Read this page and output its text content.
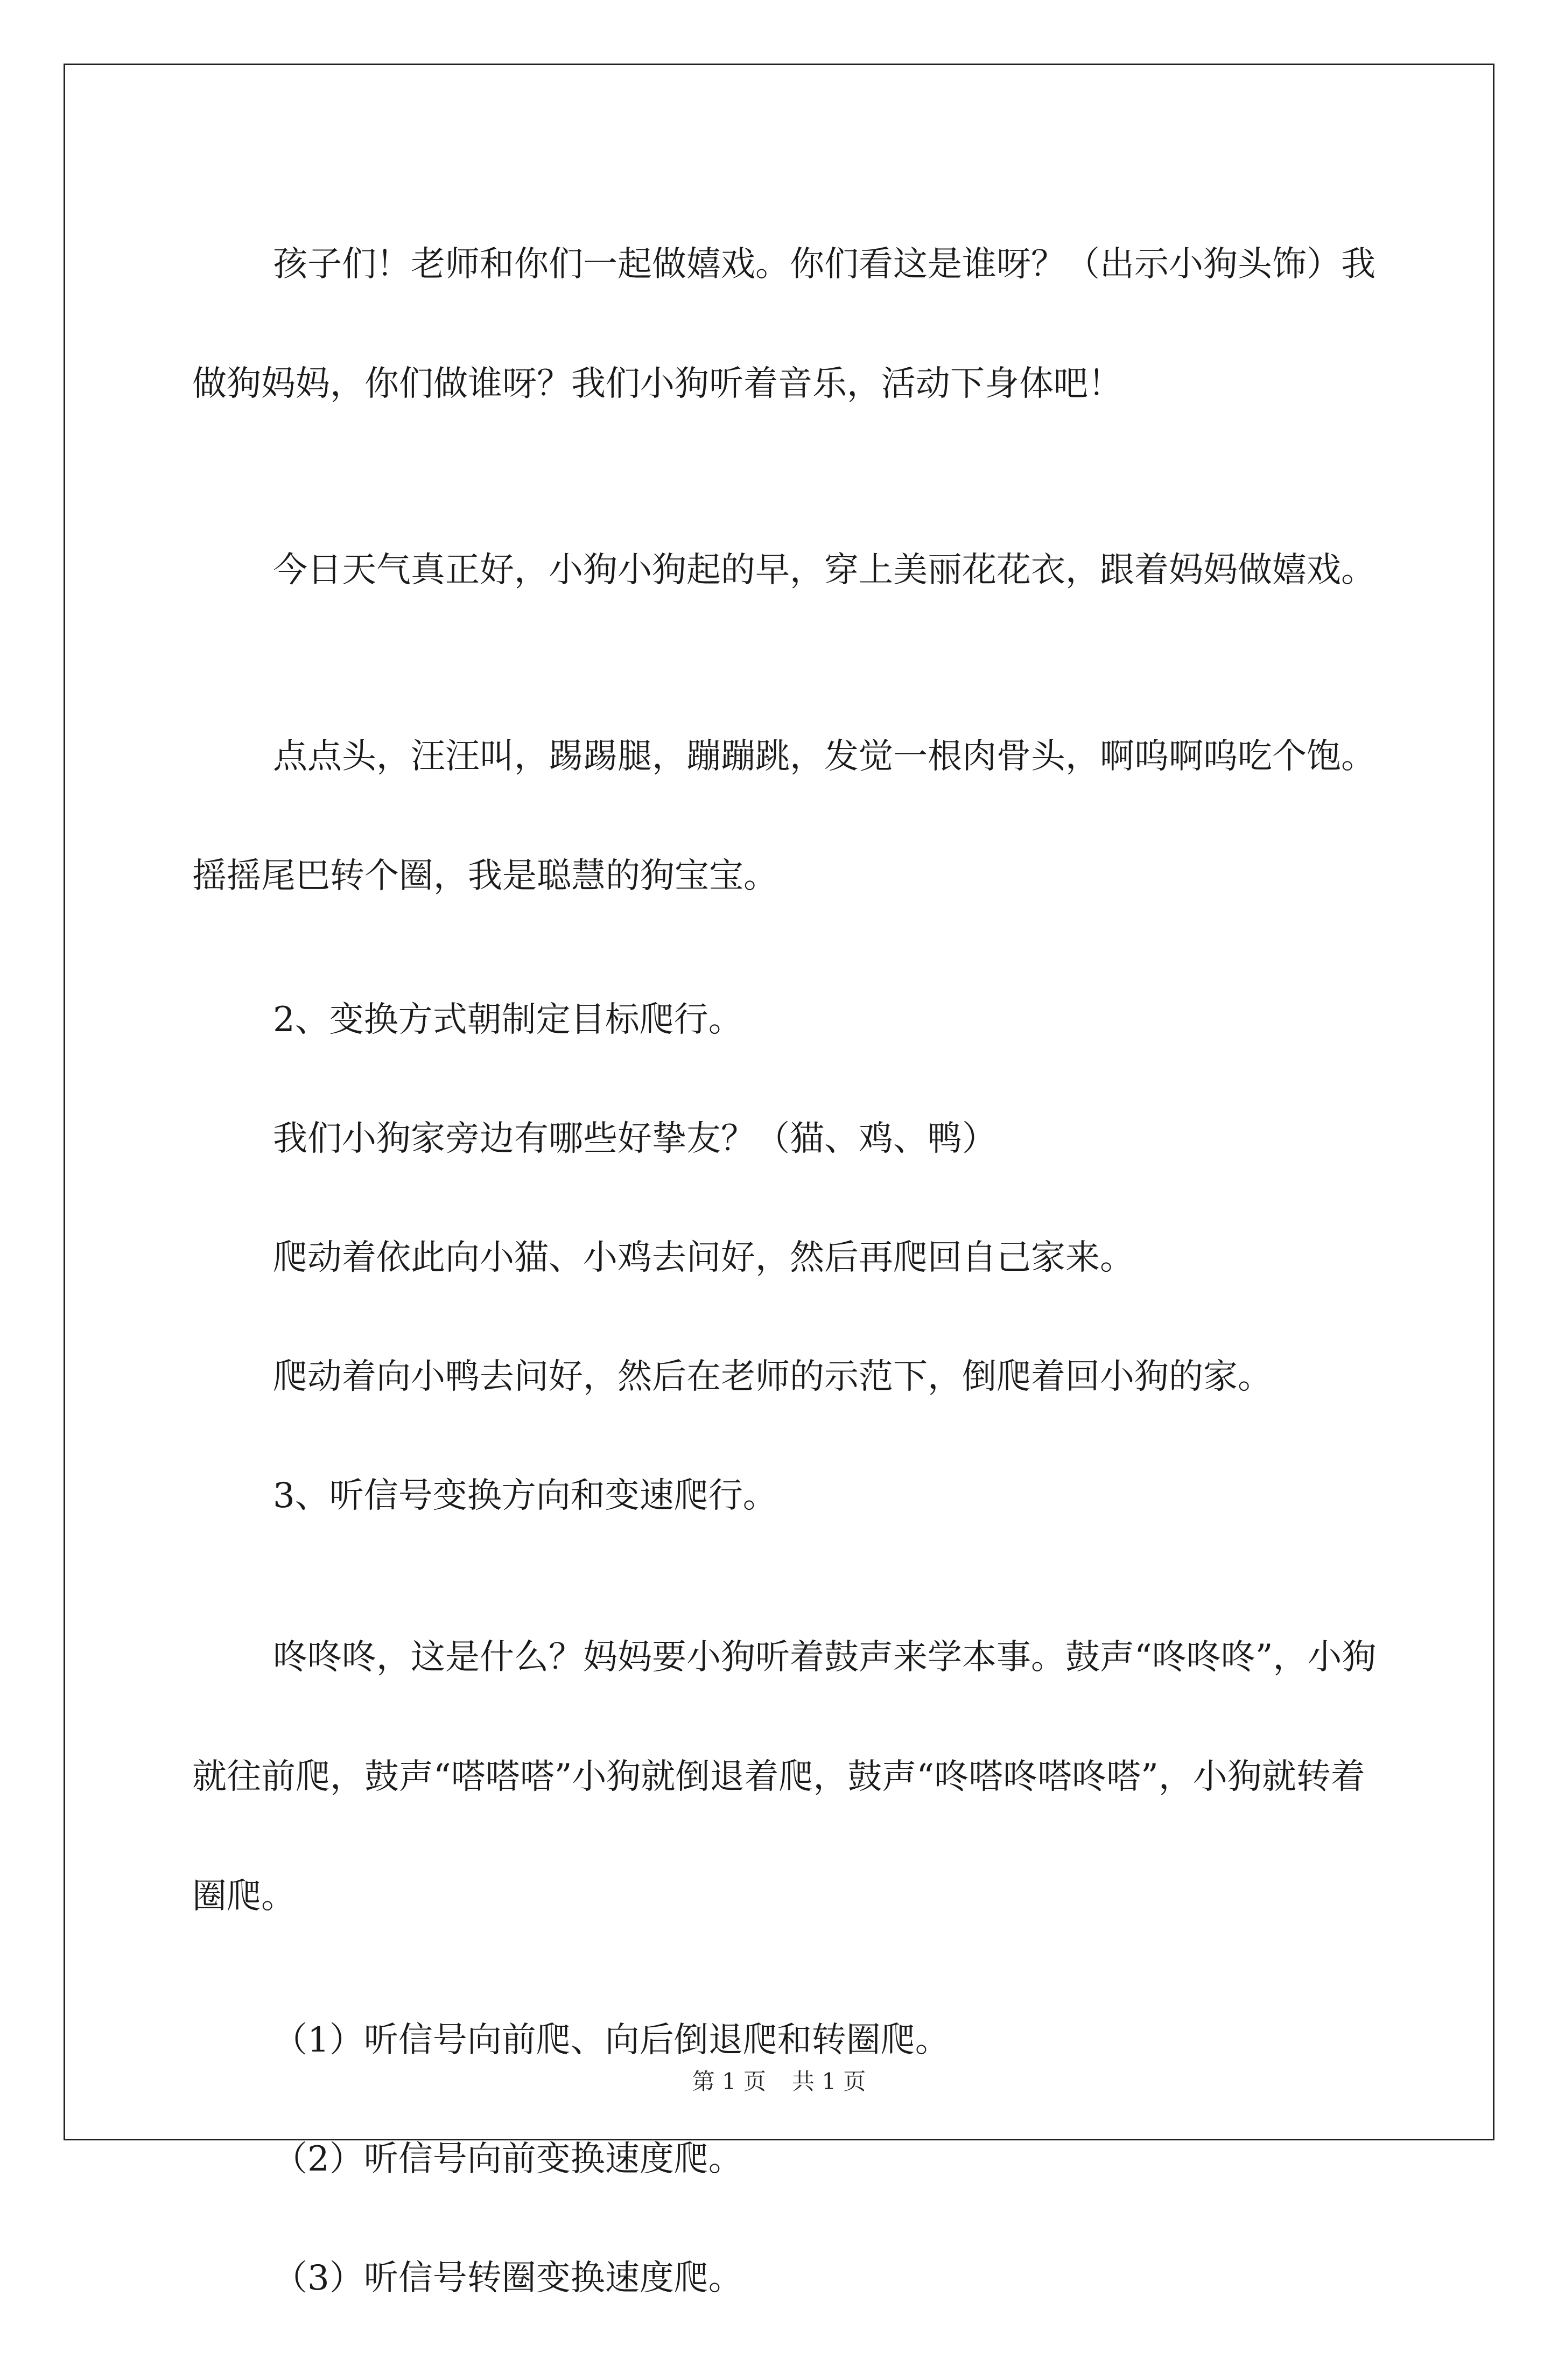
孩子们！老师和你们一起做嬉戏。你们看这是谁呀？（出示小狗头饰）我做狗妈妈，你们做谁呀？我们小狗听着音乐，活动下身体吧！

今日天气真正好，小狗小狗起的早，穿上美丽花花衣，跟着妈妈做嬉戏。

点点头，汪汪叫，踢踢腿，蹦蹦跳，发觉一根肉骨头，啊呜啊呜吃个饱。摇摇尾巴转个圈，我是聪慧的狗宝宝。

2、变换方式朝制定目标爬行。

我们小狗家旁边有哪些好挚友？（猫、鸡、鸭）

爬动着依此向小猫、小鸡去问好，然后再爬回自己家来。

爬动着向小鸭去问好，然后在老师的示范下，倒爬着回小狗的家。

3、听信号变换方向和变速爬行。

咚咚咚，这是什么？妈妈要小狗听着鼓声来学本事。鼓声“咚咚咚”，小狗就往前爬，鼓声“嗒嗒嗒”小狗就倒退着爬，鼓声“咚嗒咚嗒咚嗒”，小狗就转着圈爬。

（1）听信号向前爬、向后倒退爬和转圈爬。

（2）听信号向前变换速度爬。

（3）听信号转圈变换速度爬。

第 1 页 共 1 页
